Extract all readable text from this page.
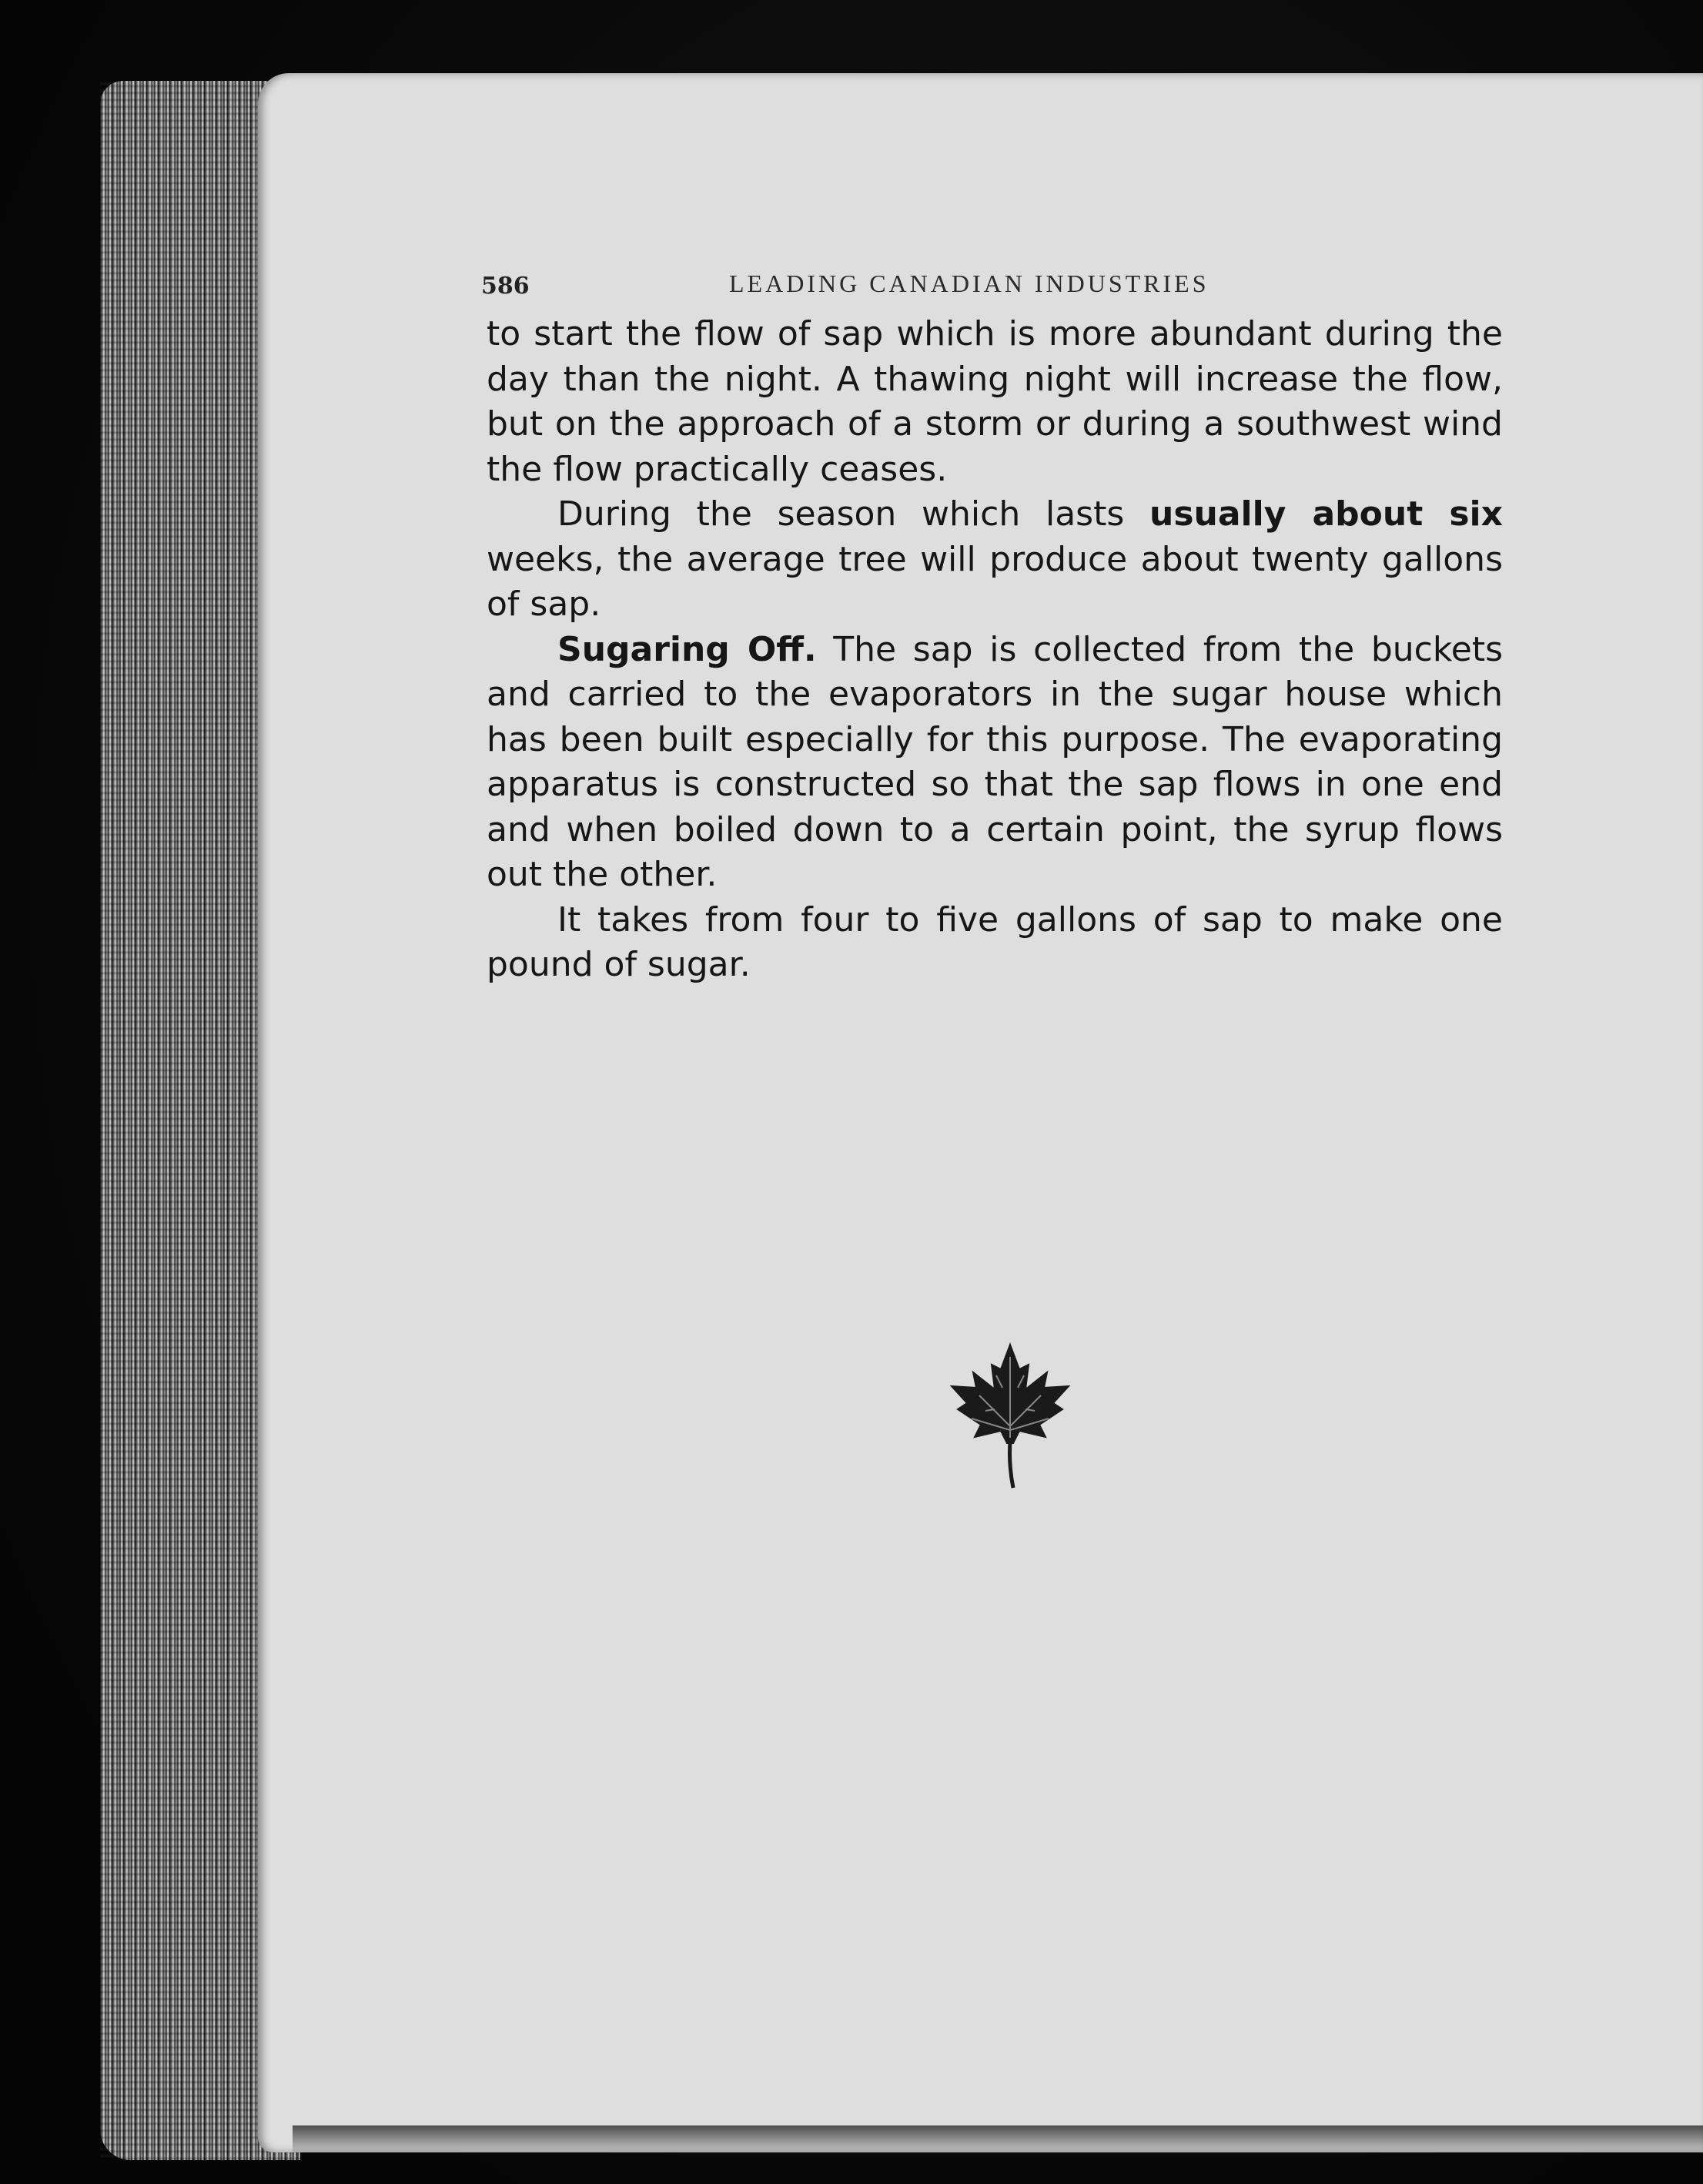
586	LEADING CANADIAN INDUSTRIES

to start the flow of sap which is more abundant during the day than the night. A thawing night will increase the flow, but on the approach of a storm or during a southwest wind the flow practically ceases.

During the season which lasts usually about six weeks, the average tree will produce about twenty gallons of sap.

Sugaring Off. The sap is collected from the buckets and carried to the evaporators in the sugar house which has been built especially for this purpose. The evaporating apparatus is constructed so that the sap flows in one end and when boiled down to a certain point, the syrup flows out the other.

It takes from four to five gallons of sap to make one pound of sugar.
